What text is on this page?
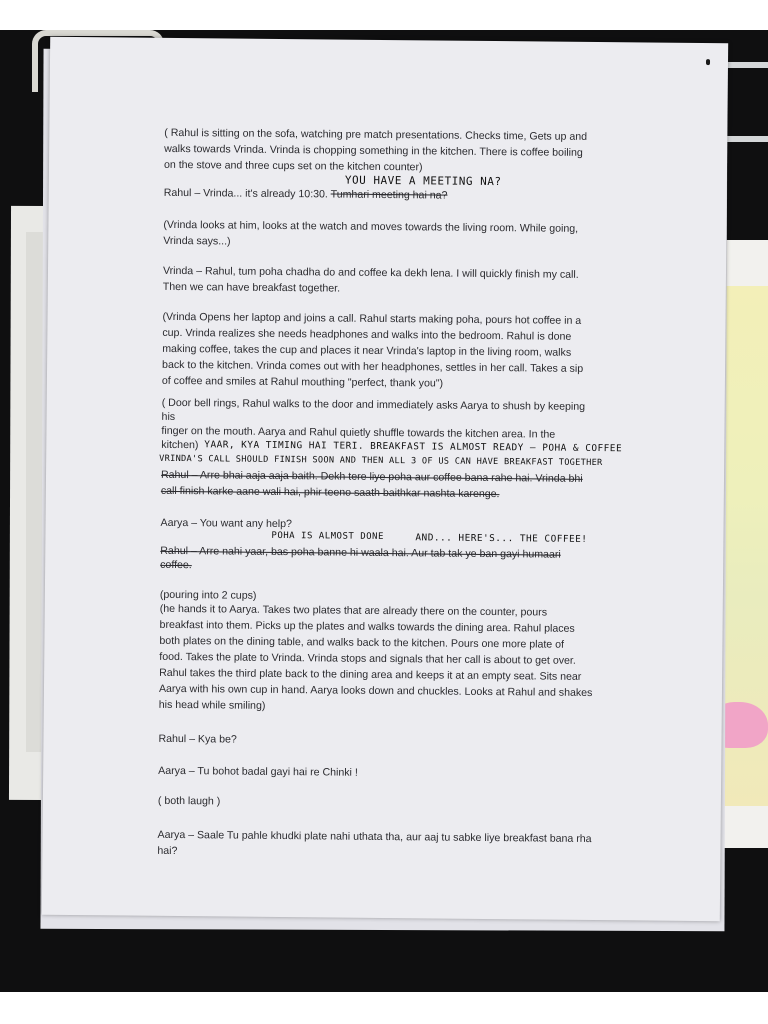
( Rahul is sitting on the sofa, watching pre match presentations. Checks time, Gets up and

walks towards Vrinda. Vrinda is chopping something in the kitchen. There is coffee boiling

on the stove and three cups set on the kitchen counter)

YOU HAVE A MEETING NA?

Rahul – Vrinda... it's already 10:30. Tumhari meeting hai na?

(Vrinda looks at him, looks at the watch and moves towards the living room. While going,

Vrinda says...)

Vrinda – Rahul, tum poha chadha do and coffee ka dekh lena. I will quickly finish my call.

Then we can have breakfast together.

(Vrinda Opens her laptop and joins a call. Rahul starts making poha, pours hot coffee in a

cup. Vrinda realizes she needs headphones and walks into the bedroom. Rahul is done

making coffee, takes the cup and places it near Vrinda's laptop in the living room, walks

back to the kitchen. Vrinda comes out with her headphones, settles in her call. Takes a sip

of coffee and smiles at Rahul mouthing "perfect, thank you")

( Door bell rings, Rahul walks to the door and immediately asks Aarya to shush by keeping

his

finger on the mouth. Aarya and Rahul quietly shuffle towards the kitchen area. In the

kitchen) YAAR, KYA TIMING HAI TERI. BREAKFAST IS ALMOST READY – POHA & COFFEE
VRINDA'S CALL SHOULD FINISH SOON AND THEN ALL 3 OF US CAN HAVE BREAKFAST TOGETHER

Rahul – Arre bhai aaja aaja baith. Dekh tere liye poha aur coffee bana rahe hai. Vrinda bhi

call finish karke aane wali hai, phir teeno saath baithkar nashta karenge.

Aarya – You want any help?

POHA IS ALMOST DONE	AND... HERE'S... THE COFFEE!

Rahul – Arre nahi yaar, bas poha banne hi waala hai. Aur tab tak ye ban gayi humaari

coffee.

(pouring into 2 cups)

(he hands it to Aarya. Takes two plates that are already there on the counter, pours

breakfast into them. Picks up the plates and walks towards the dining area. Rahul places

both plates on the dining table, and walks back to the kitchen. Pours one more plate of

food. Takes the plate to Vrinda. Vrinda stops and signals that her call is about to get over.

Rahul takes the third plate back to the dining area and keeps it at an empty seat. Sits near

Aarya with his own cup in hand. Aarya looks down and chuckles. Looks at Rahul and shakes

his head while smiling)

Rahul – Kya be?

Aarya – Tu bohot badal gayi hai re Chinki !

( both laugh )

Aarya – Saale Tu pahle khudki plate nahi uthata tha, aur aaj tu sabke liye breakfast bana rha

hai?
